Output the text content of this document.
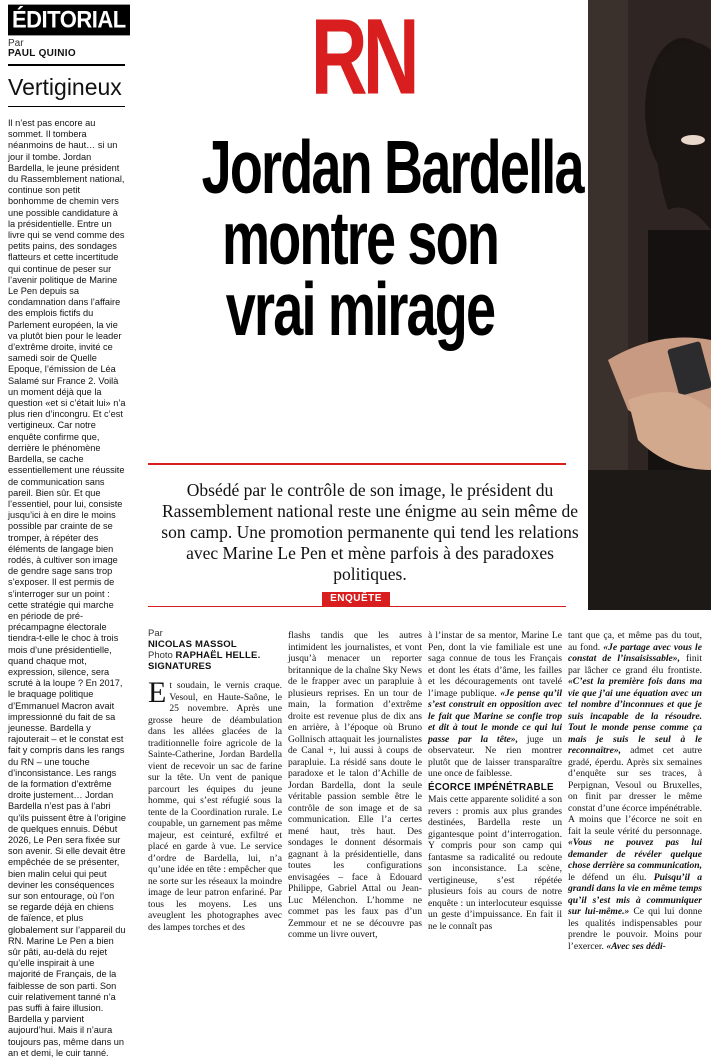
ÉDITORIAL
Par
PAUL QUINIO
Vertigineux
Il n’est pas encore au sommet. Il tombera néanmoins de haut… si un jour il tombe. Jordan Bardella, le jeune président du Rassemblement national, continue son petit bonhomme de chemin vers une possible candidature à la présidentielle. Entre un livre qui se vend comme des petits pains, des sondages flatteurs et cette incertitude qui continue de peser sur l’avenir politique de Marine Le Pen depuis sa condamnation dans l’affaire des emplois fictifs du Parlement européen, la vie va plutôt bien pour le leader d’extrême droite, invité ce samedi soir de Quelle Epoque, l’émission de Léa Salamé sur France 2. Voilà un moment déjà que la question «et si c’était lui» n’a plus rien d’incongru. Et c’est vertigineux. Car notre enquête confirme que, derrière le phénomène Bardella, se cache essentiellement une réussite de communication sans pareil. Bien sûr. Et que l’essentiel, pour lui, consiste jusqu’ici à en dire le moins possible par crainte de se tromper, à répéter des éléments de langage bien rodés, à cultiver son image de gendre sage sans trop s’exposer. Il est permis de s’interroger sur un point : cette stratégie qui marche en période de pré-précampagne électorale tiendra-t-elle le choc à trois mois d’une présidentielle, quand chaque mot, expression, silence, sera scruté à la loupe ? En 2017, le braquage politique d’Emmanuel Macron avait impressionné du fait de sa jeunesse. Bardella y rajouterait – et le constat est fait y compris dans les rangs du RN – une touche d’inconsistance. Les rangs de la formation d’extrême droite justement… Jordan Bardella n’est pas à l’abri qu’ils puissent être à l’origine de quelques ennuis. Début 2026, Le Pen sera fixée sur son avenir. Si elle devait être empêchée de se présenter, bien malin celui qui peut deviner les conséquences sur son entourage, où l’on se regarde déjà en chiens de faïence, et plus globalement sur l’appareil du RN. Marine Le Pen a bien sûr pâti, au-delà du rejet qu’elle inspirait à une majorité de Français, de la faiblesse de son parti. Son cuir relativement tanné n’a pas suffi à faire illusion. Bardella y parvient aujourd’hui. Mais il n’aura toujours pas, même dans un an et demi, le cuir tanné.
RN
Jordan Bardella
montre son
vrai mirage

Obsédé par le contrôle de son image, le président du Rassemblement national reste une énigme au sein même de son camp. Une promotion permanente qui tend les relations avec Marine Le Pen et mène parfois à des paradoxes politiques.

ENQUÊTE
Par
NICOLAS MASSOL
Photo RAPHAËL HELLE.
SIGNATURES

Et soudain, le vernis craque. Vesoul, en Haute-Saône, le 25 novembre. Après une grosse heure de déambulation dans les allées glacées de la traditionnelle foire agricole de la Sainte-Catherine, Jordan Bardella vient de recevoir un sac de farine sur la tête. Un vent de panique parcourt les équipes du jeune homme, qui s’est réfugié sous la tente de la Coordination rurale. Le coupable, un garnement pas même majeur, est ceinturé, exfiltré et placé en garde à vue. Le service d’ordre de Bardella, lui, n’a qu’une idée en tête : empêcher que ne sorte sur les réseaux la moindre image de leur patron enfariné. Par tous les moyens. Les uns aveuglent les photographes avec des lampes torches et des

flashs tandis que les autres intimident les journalistes, et vont jusqu’à menacer un reporter britannique de la chaîne Sky News de le frapper avec un parapluie à plusieurs reprises. En un tour de main, la formation d’extrême droite est revenue plus de dix ans en arrière, à l’époque où Bruno Gollnisch attaquait les journalistes de Canal +, lui aussi à coups de parapluie. La résidé sans doute le paradoxe et le talon d’Achille de Jordan Bardella, dont la seule véritable passion semble être le contrôle de son image et de sa communication. Elle l’a certes mené haut, très haut. Des sondages le donnent désormais gagnant à la présidentielle, dans toutes les configurations envisagées – face à Edouard Philippe, Gabriel Attal ou Jean-Luc Mélenchon. L’homme ne commet pas les faux pas d’un Zemmour et ne se découvre pas comme un livre ouvert,

à l’instar de sa mentor, Marine Le Pen, dont la vie familiale est une saga connue de tous les Français et dont les états d’âme, les failles et les découragements ont tavelé l’image publique. «Je pense qu’il s’est construit en opposition avec le fait que Marine se confie trop et dit à tout le monde ce qui lui passe par la tête», juge un observateur. Ne rien montrer plutôt que de laisser transparaître une once de faiblesse.

ÉCORCE IMPÉNÉTRABLE

Mais cette apparente solidité a son revers : promis aux plus grandes destinées, Bardella reste un gigantesque point d’interrogation. Y compris pour son camp qui fantasme sa radicalité ou redoute son inconsistance. La scène, vertigineuse, s’est répétée plusieurs fois au cours de notre enquête : un interlocuteur esquisse un geste d’impuissance. En fait il ne le connaît pas

tant que ça, et même pas du tout, au fond. «Je partage avec vous le constat de l’insaisissable», finit par lâcher ce grand élu frontiste. «C’est la première fois dans ma vie que j’ai une équation avec un tel nombre d’inconnues et que je suis incapable de la résoudre. Tout le monde pense comme ça mais je suis le seul à le reconnaître», admet cet autre gradé, éperdu. Après six semaines d’enquête sur ses traces, à Perpignan, Vesoul ou Bruxelles, on finit par dresser le même constat d’une écorce impénétrable. A moins que l’écorce ne soit en fait la seule vérité du personnage. «Vous ne pouvez pas lui demander de révéler quelque chose derrière sa communication, le défend un élu. Puisqu’il a grandi dans la vie en même temps qu’il s’est mis à communiquer sur lui-même.» Ce qui lui donne les qualités indispensables pour prendre le pouvoir. Moins pour l’exercer. «Avec ses dédi-
